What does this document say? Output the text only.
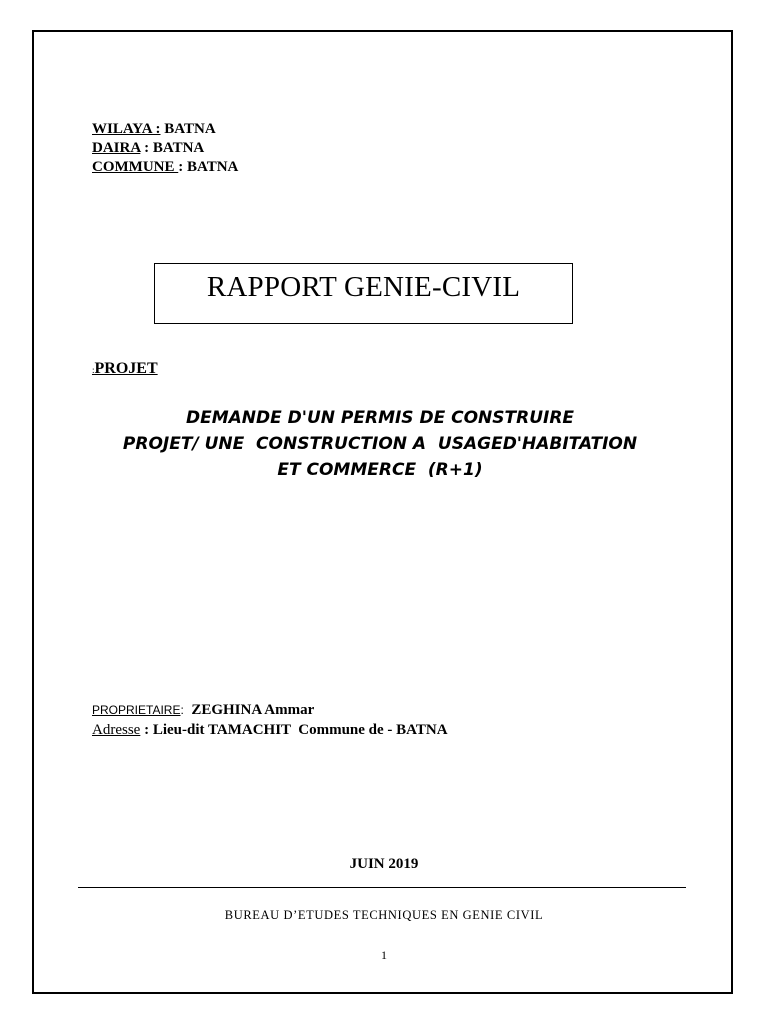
WILAYA : BATNA
DAIRA : BATNA
COMMUNE : BATNA
RAPPORT GENIE-CIVIL
:PROJET
DEMANDE D'UN PERMIS DE CONSTRUIRE
PROJET/ UNE  CONSTRUCTION A  USAGED'HABITATION
ET COMMERCE  (R+1)
PROPRIETAIRE:  ZEGHINA Ammar
Adresse : Lieu-dit TAMACHIT  Commune de - BATNA
JUIN 2019
BUREAU D’ETUDES TECHNIQUES EN GENIE CIVIL
1
